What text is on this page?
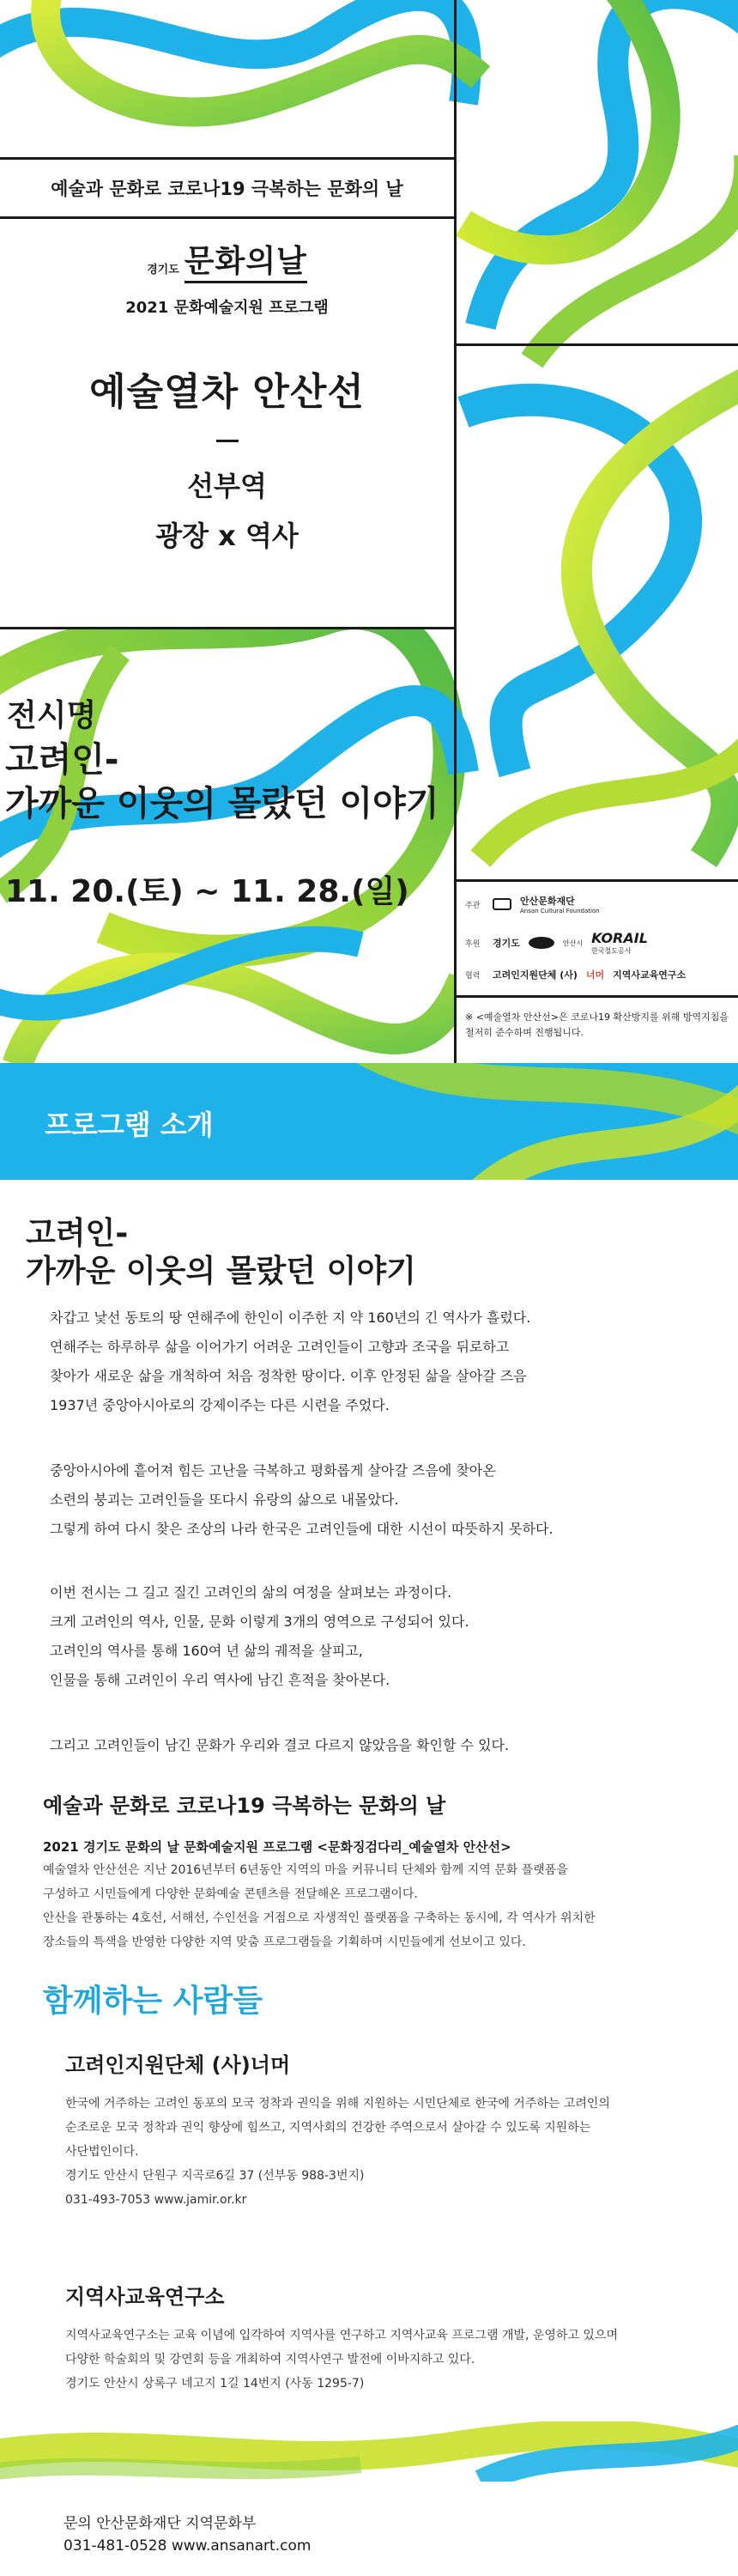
예술과 문화로 코로나19 극복하는 문화의 날
경기도 문화의날
2021 문화예술지원 프로그램
예술열차 안산선
선부역
광장 x 역사
전시명
고려인-
가까운 이웃의 몰랐던 이야기
11. 20.(토) ~ 11. 28.(일)	주관	안산문화재단
Ansan Cultural Foundation
후원	경기도	안산시 KORAIL
한국철도공사
협력	고려인지원단체 (사) 너머 지역사교육연구소
※ <예술열차 안산선>은 코로나19 확산방지를 위해 방역지침을 철저히 준수하며 진행됩니다.
프로그램 소개
고려인-
가까운 이웃의 몰랐던 이야기
차갑고 낯선 동토의 땅 연해주에 한인이 이주한 지 약 160년의 긴 역사가 흘렀다.
연해주는 하루하루 삶을 이어가기 어려운 고려인들이 고향과 조국을 뒤로하고
찾아가 새로운 삶을 개척하여 처음 정착한 땅이다. 이후 안정된 삶을 살아갈 즈음
1937년 중앙아시아로의 강제이주는 다른 시련을 주었다.
중앙아시아에 흩어져 힘든 고난을 극복하고 평화롭게 살아갈 즈음에 찾아온
소련의 붕괴는 고려인들을 또다시 유랑의 삶으로 내몰았다.
그렇게 하여 다시 찾은 조상의 나라 한국은 고려인들에 대한 시선이 따뜻하지 못하다.
이번 전시는 그 길고 질긴 고려인의 삶의 여정을 살펴보는 과정이다.
크게 고려인의 역사, 인물, 문화 이렇게 3개의 영역으로 구성되어 있다.
고려인의 역사를 통해 160여 년 삶의 궤적을 살피고,
인물을 통해 고려인이 우리 역사에 남긴 흔적을 찾아본다.
그리고 고려인들이 남긴 문화가 우리와 결코 다르지 않았음을 확인할 수 있다.
예술과 문화로 코로나19 극복하는 문화의 날
2021 경기도 문화의 날 문화예술지원 프로그램 <문화징검다리_예술열차 안산선>
예술열차 안산선은 지난 2016년부터 6년동안 지역의 마을 커뮤니티 단체와 함께 지역 문화 플랫폼을
구성하고 시민들에게 다양한 문화예술 콘텐츠를 전달해온 프로그램이다.
안산을 관통하는 4호선, 서해선, 수인선을 거점으로 자생적인 플랫폼을 구축하는 동시에, 각 역사가 위치한
장소들의 특색을 반영한 다양한 지역 맞춤 프로그램들을 기획하며 시민들에게 선보이고 있다.
함께하는 사람들
고려인지원단체 (사)너머
한국에 거주하는 고려인 동포의 모국 정착과 권익을 위해 지원하는 시민단체로 한국에 거주하는 고려인의
순조로운 모국 정착과 권익 향상에 힘쓰고, 지역사회의 건강한 주역으로서 살아갈 수 있도록 지원하는
사단법인이다.
경기도 안산시 단원구 지곡로6길 37 (선부동 988-3번지)
031-493-7053 www.jamir.or.kr
지역사교육연구소
지역사교육연구소는 교육 이념에 입각하여 지역사를 연구하고 지역사교육 프로그램 개발, 운영하고 있으며
다양한 학술회의 및 강연회 등을 개최하여 지역사연구 발전에 이바지하고 있다.
경기도 안산시 상록구 네고지 1길 14번지 (사동 1295-7)
문의 안산문화재단 지역문화부
031-481-0528 www.ansanart.com
